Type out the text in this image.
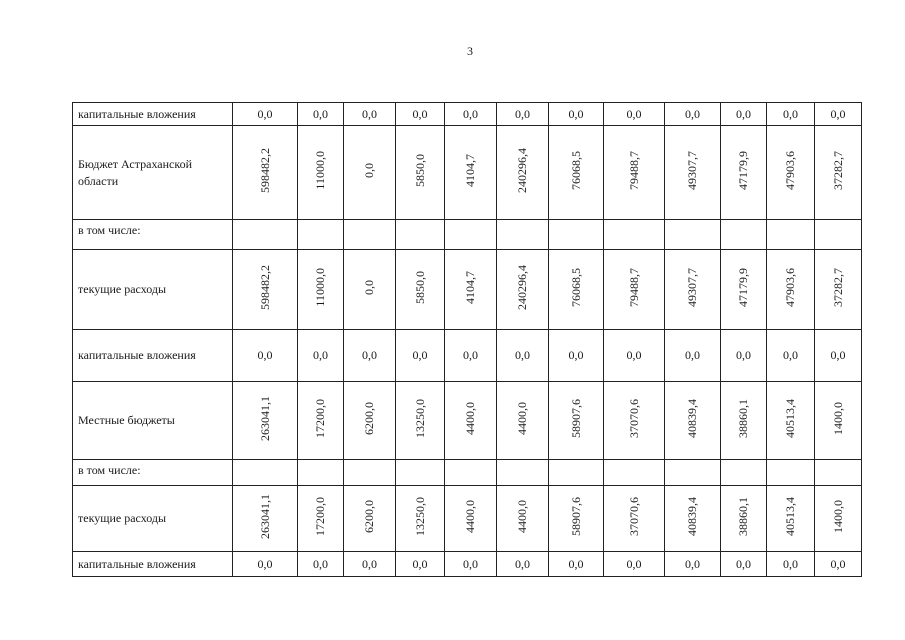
3
капитальные вложения	0,0	0,0	0,0	0,0	0,0	0,0	0,0	0,0	0,0	0,0	0,0	0,0
Бюджет Астраханской области	598482,2	11000,0	0,0	5850,0	4104,7	240296,4	76068,5	79488,7	49307,7	47179,9	47903,6	37282,7
в том числе:												
текущие расходы	598482,2	11000,0	0,0	5850,0	4104,7	240296,4	76068,5	79488,7	49307,7	47179,9	47903,6	37282,7
капитальные вложения	0,0	0,0	0,0	0,0	0,0	0,0	0,0	0,0	0,0	0,0	0,0	0,0
Местные бюджеты	263041,1	17200,0	6200,0	13250,0	4400,0	4400,0	58907,6	37070,6	40839,4	38860,1	40513,4	1400,0
в том числе:												
текущие расходы	263041,1	17200,0	6200,0	13250,0	4400,0	4400,0	58907,6	37070,6	40839,4	38860,1	40513,4	1400,0
капитальные вложения	0,0	0,0	0,0	0,0	0,0	0,0	0,0	0,0	0,0	0,0	0,0	0,0
